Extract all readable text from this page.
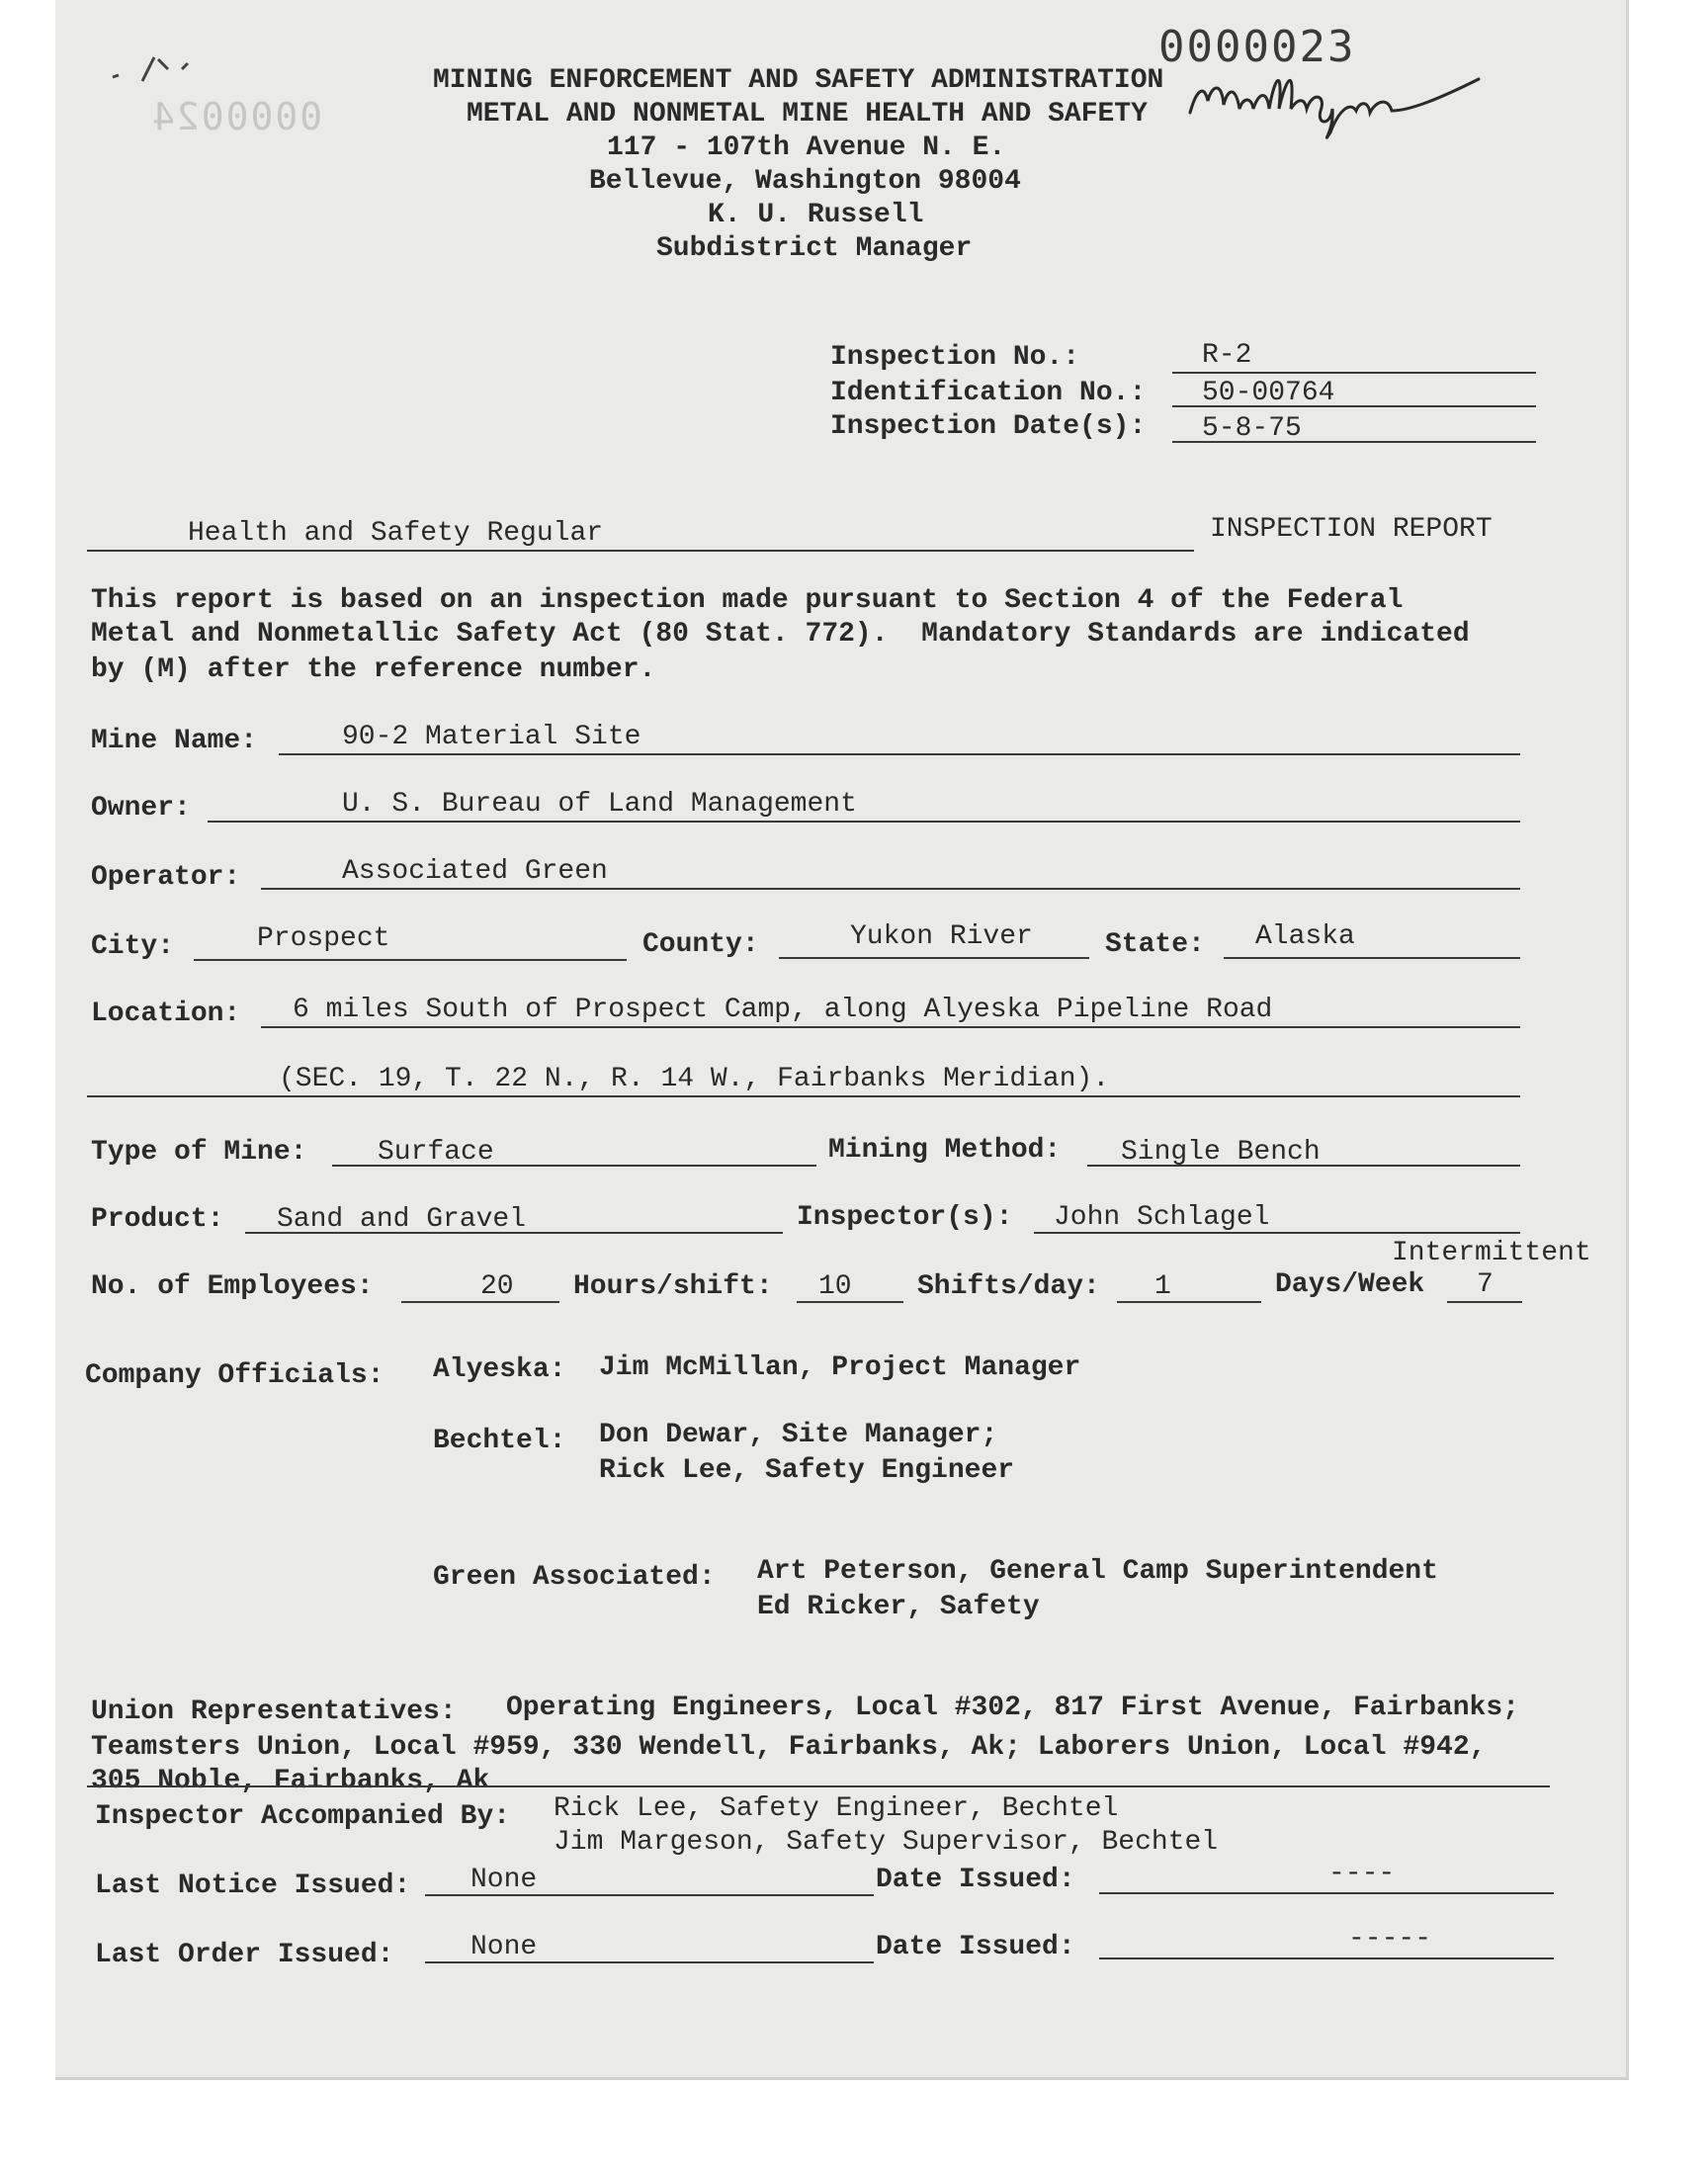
0000023
0000024
MINING ENFORCEMENT AND SAFETY ADMINISTRATION
METAL AND NONMETAL MINE HEALTH AND SAFETY
117 - 107th Avenue N. E.
Bellevue, Washington 98004
K. U. Russell
Subdistrict Manager
Inspection No.:	R-2
Identification No.: 50-00764
Inspection Date(s): 5-8-75
Health and Safety Regular	INSPECTION REPORT
This report is based on an inspection made pursuant to Section 4 of the Federal
Metal and Nonmetallic Safety Act (80 Stat. 772).  Mandatory Standards are indicated
by (M) after the reference number.
Mine Name:	90-2 Material Site
Owner:	U. S. Bureau of Land Management
Operator:	Associated Green
City:	Prospect	County:	Yukon River	State: Alaska
Location: 6 miles South of Prospect Camp, along Alyeska Pipeline Road
(SEC. 19, T. 22 N., R. 14 W., Fairbanks Meridian).
Type of Mine:	Surface	Mining Method: Single Bench
Product: Sand and Gravel	Inspector(s): John Schlagel
Intermittent
No. of Employees:	20 Hours/shift: 10 Shifts/day: 1	Days/Week 7
Company Officials: Alyeska: Jim McMillan, Project Manager
Bechtel: Don Dewar, Site Manager;
Rick Lee, Safety Engineer
Green Associated: Art Peterson, General Camp Superintendent
Ed Ricker, Safety
Union Representatives: Operating Engineers, Local #302, 817 First Avenue, Fairbanks;
Teamsters Union, Local #959, 330 Wendell, Fairbanks, Ak; Laborers Union, Local #942,
305 Noble, Fairbanks, Ak
Inspector Accompanied By: Rick Lee, Safety Engineer, Bechtel
Jim Margeson, Safety Supervisor, Bechtel
Last Notice Issued: None	Date Issued:	----
Last Order Issued:	None	Date Issued:	-----
